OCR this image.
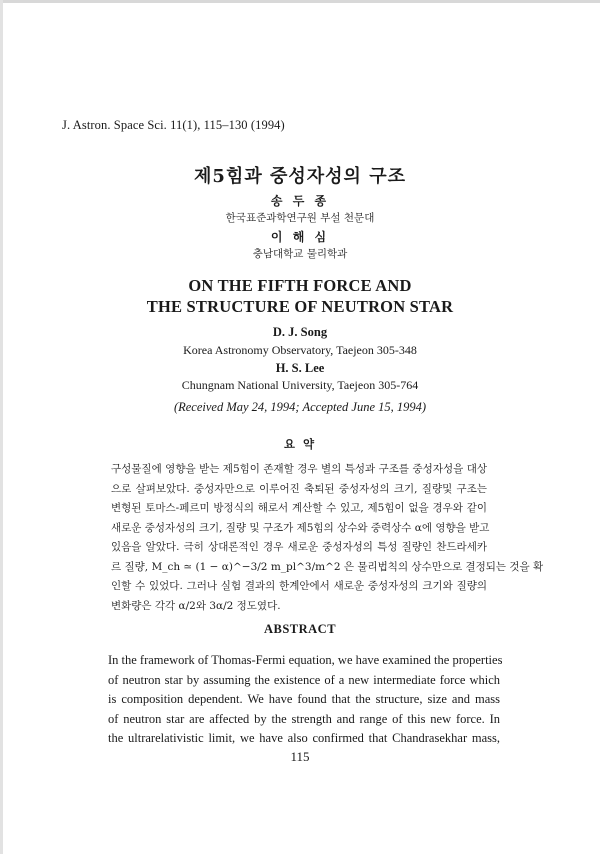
J. Astron. Space Sci. 11(1), 115–130 (1994)
제5힘과 중성자성의 구조
송 두 종
한국표준과학연구원 부설 천문대
이 해 심
충남대학교 물리학과
ON THE FIFTH FORCE AND
THE STRUCTURE OF NEUTRON STAR
D. J. Song
Korea Astronomy Observatory, Taejeon 305-348
H. S. Lee
Chungnam National University, Taejeon 305-764
(Received May 24, 1994; Accepted June 15, 1994)
요 약
구성물질에 영향을 받는 제5힘이 존재할 경우 별의 특성과 구조를 중성자성을 대상
으로 살펴보았다. 중성자만으로 이루어진 축퇴된 중성자성의 크기, 질량및 구조는
변형된 토마스-페르미 방정식의 해로서 계산할 수 있고, 제5힘이 없을 경우와 같이
새로운 중성자성의 크기, 질량 및 구조가 제5힘의 상수와 중력상수 α에 영향을 받고
있음을 알았다. 극히 상대론적인 경우 새로운 중성자성의 특성 질량인 찬드라세카
르 질량, M_ch ≃ (1 − α)^−3/2 m_pl^3/m^2 은 물리법칙의 상수만으로 결정되는 것을 확
인할 수 있었다. 그러나 실험 결과의 한계안에서 새로운 중성자성의 크기와 질량의
변화량은 각각 α/2와 3α/2 정도였다.
ABSTRACT
In the framework of Thomas-Fermi equation, we have examined the properties
of neutron star by assuming the existence of a new intermediate force which
is composition dependent. We have found that the structure, size and mass
of neutron star are affected by the strength and range of this new force. In
the ultrarelativistic limit, we have also confirmed that Chandrasekhar mass,
115
